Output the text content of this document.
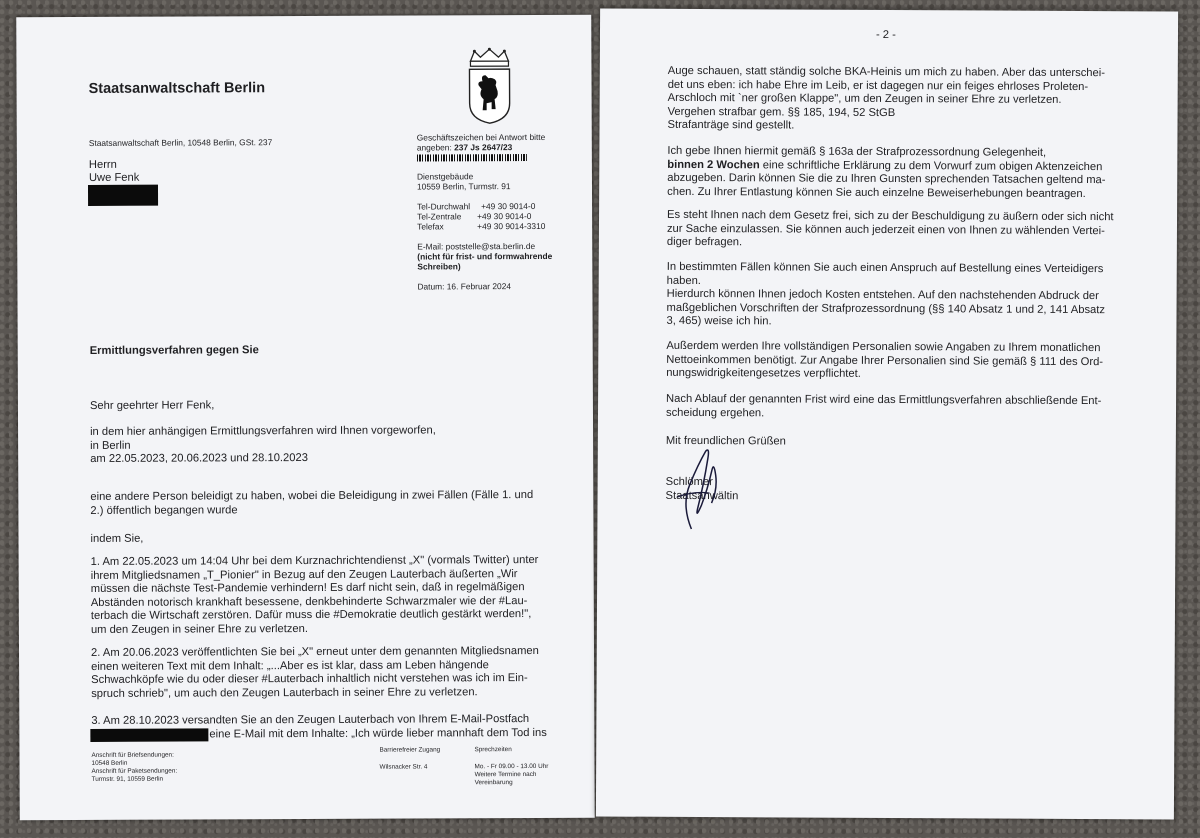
Staatsanwaltschaft Berlin
Staatsanwaltschaft Berlin, 10548 Berlin, GSt. 237	Geschäftszeichen bei Antwort bitte
angeben: 237 Js 2647/23
Herrn
Uwe Fenk	Dienstgebäude
10559 Berlin, Turmstr. 91
Tel-Durchwahl +49 30 9014-0
Tel-Zentrale +49 30 9014-0
Telefax	+49 30 9014-3310
E-Mail: poststelle@sta.berlin.de
(nicht für frist- und formwahrende
Schreiben)
Datum: 16. Februar 2024
Ermittlungsverfahren gegen Sie
Sehr geehrter Herr Fenk,
in dem hier anhängigen Ermittlungsverfahren wird Ihnen vorgeworfen,
in Berlin
am 22.05.2023, 20.06.2023 und 28.10.2023
eine andere Person beleidigt zu haben, wobei die Beleidigung in zwei Fällen (Fälle 1. und
2.) öffentlich begangen wurde
indem Sie,
1. Am 22.05.2023 um 14:04 Uhr bei dem Kurznachrichtendienst „X" (vormals Twitter) unter
ihrem Mitgliedsnamen „T_Pionier" in Bezug auf den Zeugen Lauterbach äußerten „Wir
müssen die nächste Test-Pandemie verhindern! Es darf nicht sein, daß in regelmäßigen
Abständen notorisch krankhaft besessene, denkbehinderte Schwarzmaler wie der #Lau-
terbach die Wirtschaft zerstören. Dafür muss die #Demokratie deutlich gestärkt werden!",
um den Zeugen in seiner Ehre zu verletzen.
2. Am 20.06.2023 veröffentlichten Sie bei „X" erneut unter dem genannten Mitgliedsnamen
einen weiteren Text mit dem Inhalt: „...Aber es ist klar, dass am Leben hängende
Schwachköpfe wie du oder dieser #Lauterbach inhaltlich nicht verstehen was ich im Ein-
spruch schrieb", um auch den Zeugen Lauterbach in seiner Ehre zu verletzen.
3. Am 28.10.2023 versandten Sie an den Zeugen Lauterbach von Ihrem E-Mail-Postfach
eine E-Mail mit dem Inhalte: „Ich würde lieber mannhaft dem Tod ins
Anschrift für Briefsendungen:
10548 Berlin
Anschrift für Paketsendungen:
Turmstr. 91, 10559 Berlin
Barrierefreier Zugang
Wilsnacker Str. 4
Sprechzeiten
Mo. - Fr 09.00 - 13.00 Uhr
Weitere Termine nach
Vereinbarung
- 2 -
Auge schauen, statt ständig solche BKA-Heinis um mich zu haben. Aber das unterschei-
det uns eben: ich habe Ehre im Leib, er ist dagegen nur ein feiges ehrloses Proleten-
Arschloch mit `ner großen Klappe", um den Zeugen in seiner Ehre zu verletzen.
Vergehen strafbar gem. §§ 185, 194, 52 StGB
Strafanträge sind gestellt.
Ich gebe Ihnen hiermit gemäß § 163a der Strafprozessordnung Gelegenheit,
binnen 2 Wochen eine schriftliche Erklärung zu dem Vorwurf zum obigen Aktenzeichen
abzugeben. Darin können Sie die zu Ihren Gunsten sprechenden Tatsachen geltend ma-
chen. Zu Ihrer Entlastung können Sie auch einzelne Beweiserhebungen beantragen.
Es steht Ihnen nach dem Gesetz frei, sich zu der Beschuldigung zu äußern oder sich nicht
zur Sache einzulassen. Sie können auch jederzeit einen von Ihnen zu wählenden Vertei-
diger befragen.
In bestimmten Fällen können Sie auch einen Anspruch auf Bestellung eines Verteidigers
haben.
Hierdurch können Ihnen jedoch Kosten entstehen. Auf den nachstehenden Abdruck der
maßgeblichen Vorschriften der Strafprozessordnung (§§ 140 Absatz 1 und 2, 141 Absatz
3, 465) weise ich hin.
Außerdem werden Ihre vollständigen Personalien sowie Angaben zu Ihrem monatlichen
Nettoeinkommen benötigt. Zur Angabe Ihrer Personalien sind Sie gemäß § 111 des Ord-
nungswidrigkeitengesetzes verpflichtet.
Nach Ablauf der genannten Frist wird eine das Ermittlungsverfahren abschließende Ent-
scheidung ergehen.
Mit freundlichen Grüßen
Schlömer
Staatsanwältin
